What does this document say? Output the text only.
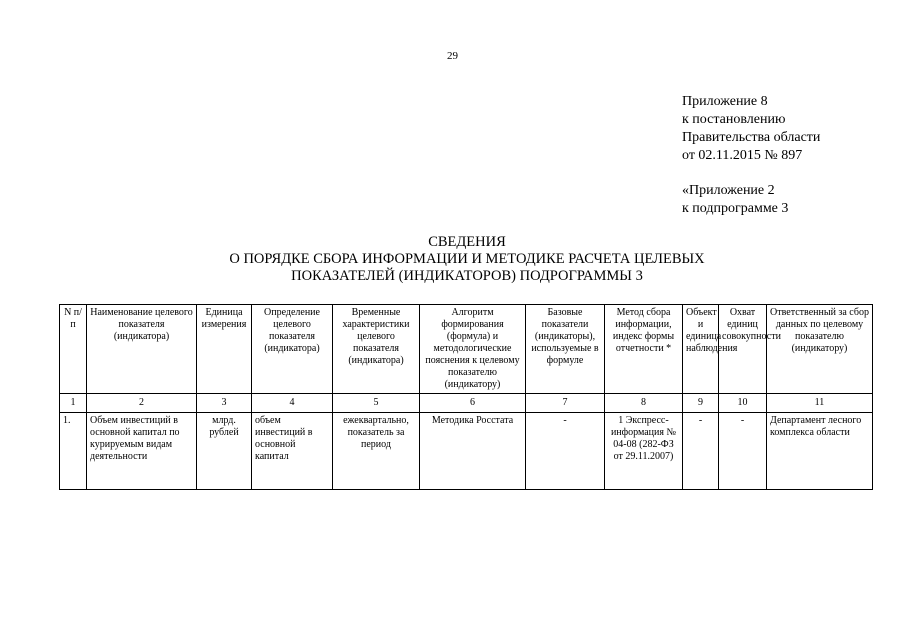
29
Приложение 8
к постановлению
Правительства области
от 02.11.2015 № 897
«Приложение 2
к подпрограмме 3
СВЕДЕНИЯ
О ПОРЯДКЕ СБОРА ИНФОРМАЦИИ И МЕТОДИКЕ РАСЧЕТА ЦЕЛЕВЫХ
ПОКАЗАТЕЛЕЙ (ИНДИКАТОРОВ) ПОДРОГРАММЫ 3
N п/п	Наименование целевого показателя (индикатора)	Единица измерения	Определение целевого показателя (индикатора)	Временные характеристики целевого показателя (индикатора)	Алгоритм формирования (формула) и методологические пояснения к целевому показателю (индикатору)	Базовые показатели (индикаторы), используемые в формуле	Метод сбора информации, индекс формы отчетности *	Объект и единица наблюдения	Охват единиц совокупности	Ответственный за сбор данных по целевому показателю (индикатору)
1	2	3	4	5	6	7	8	9	10	11
1.	Объем инвестиций в основной капитал по курируемым видам деятельности	млрд. рублей	объем инвестиций в основной капитал	ежеквартально, показатель за период	Методика Росстата	-	1 Экспресс-информация № 04-08 (282-ФЗ от 29.11.2007)	-	-	Департамент лесного комплекса области
